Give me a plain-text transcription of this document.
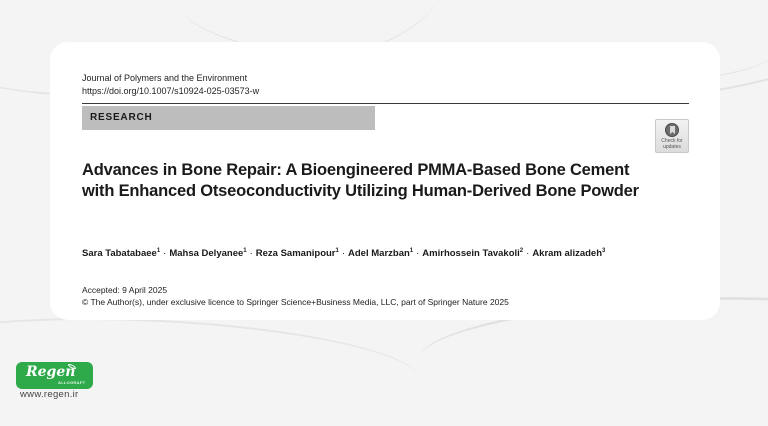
Journal of Polymers and the Environment
https://doi.org/10.1007/s10924-025-03573-w
RESEARCH
Check for
updates
Advances in Bone Repair: A Bioengineered PMMA-Based Bone Cement with Enhanced Otseoconductivity Utilizing Human-Derived Bone Powder
Sara Tabatabaee$^1$ · Mahsa Delyanee$^1$ · Reza Samanipour$^1$ · Adel Marzban$^1$ · Amirhossein Tavakoli$^2$ · Akram alizadeh$^3$
Accepted: 9 April 2025
© The Author(s), under exclusive licence to Springer Science+Business Media, LLC, part of Springer Nature 2025
Regen
ALLOGRAFT
www.regen.ir
